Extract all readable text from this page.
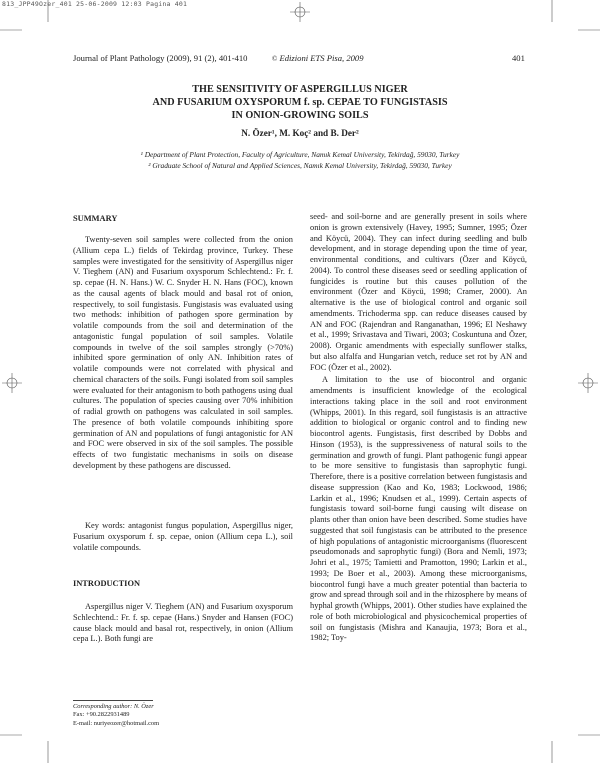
813_JPP49Ozer_401 25-06-2009 12:03 Pagina 401
Journal of Plant Pathology (2009), 91 (2), 401-410	© Edizioni ETS Pisa, 2009	401
THE SENSITIVITY OF ASPERGILLUS NIGER
AND FUSARIUM OXYSPORUM f. sp. CEPAE TO FUNGISTASIS
IN ONION-GROWING SOILS
N. Özer¹, M. Koç² and B. Der²
¹ Department of Plant Protection, Faculty of Agriculture, Namık Kemal University, Tekirdağ, 59030, Turkey
² Graduate School of Natural and Applied Sciences, Namık Kemal University, Tekirdağ, 59030, Turkey
SUMMARY

Twenty-seven soil samples were collected from the onion (Allium cepa L.) fields of Tekirdag province, Turkey. These samples were investigated for the sensitivity of Aspergillus niger V. Tieghem (AN) and Fusarium oxysporum Schlechtend.: Fr. f. sp. cepae (H. N. Hans.) W. C. Snyder H. N. Hans (FOC), known as the causal agents of black mould and basal rot of onion, respectively, to soil fungistasis. Fungistasis was evaluated using two methods: inhibition of pathogen spore germination by volatile compounds from the soil and determination of the antagonistic fungal population of soil samples. Volatile compounds in twelve of the soil samples strongly (>70%) inhibited spore germination of only AN. Inhibition rates of volatile compounds were not correlated with physical and chemical characters of the soils. Fungi isolated from soil samples were evaluated for their antagonism to both pathogens using dual cultures. The population of species causing over 70% inhibition of radial growth on pathogens was calculated in soil samples. The presence of both volatile compounds inhibiting spore germination of AN and populations of fungi antagonistic for AN and FOC were observed in six of the soil samples. The possible effects of two fungistatic mechanisms in soils on disease development by these pathogens are discussed.

Key words: antagonist fungus population, Aspergillus niger, Fusarium oxysporum f. sp. cepae, onion (Allium cepa L.), soil volatile compounds.

INTRODUCTION

Aspergillus niger V. Tieghem (AN) and Fusarium oxysporum Schlechtend.: Fr. f. sp. cepae (Hans.) Snyder and Hansen (FOC) cause black mould and basal rot, respectively, in onion (Allium cepa L.). Both fungi are

Corresponding author: N. Özer
Fax: +90.2822931489
E-mail: nuriyeozer@hotmail.com

seed- and soil-borne and are generally present in soils where onion is grown extensively (Havey, 1995; Sumner, 1995; Özer and Köycü, 2004). They can infect during seedling and bulb development, and in storage depending upon the time of year, environmental conditions, and cultivars (Özer and Köycü, 2004). To control these diseases seed or seedling application of fungicides is routine but this causes pollution of the environment (Özer and Köycü, 1998; Cramer, 2000). An alternative is the use of biological control and organic soil amendments. Trichoderma spp. can reduce diseases caused by AN and FOC (Rajendran and Ranganathan, 1996; El Neshawy et al., 1999; Srivastava and Tiwari, 2003; Coskuntuna and Özer, 2008). Organic amendments with especially sunflower stalks, but also alfalfa and Hungarian vetch, reduce set rot by AN and FOC (Özer et al., 2002).

A limitation to the use of biocontrol and organic amendments is insufficient knowledge of the ecological interactions taking place in the soil and root environment (Whipps, 2001). In this regard, soil fungistasis is an attractive addition to biological or organic control and to finding new biocontrol agents. Fungistasis, first described by Dobbs and Hinson (1953), is the suppressiveness of natural soils to the germination and growth of fungi. Plant pathogenic fungi appear to be more sensitive to fungistasis than saprophytic fungi. Therefore, there is a positive correlation between fungistasis and disease suppression (Kao and Ko, 1983; Lockwood, 1986; Larkin et al., 1996; Knudsen et al., 1999). Certain aspects of fungistasis toward soil-borne fungi causing wilt disease on plants other than onion have been described. Some studies have suggested that soil fungistasis can be attributed to the presence of high populations of antagonistic microorganisms (fluorescent pseudomonads and saprophytic fungi) (Bora and Nemli, 1973; Johri et al., 1975; Tamietti and Pramotton, 1990; Larkin et al., 1993; De Boer et al., 2003). Among these microorganisms, biocontrol fungi have a much greater potential than bacteria to grow and spread through soil and in the rhizosphere by means of hyphal growth (Whipps, 2001). Other studies have explained the role of both microbiological and physicochemical properties of soil on fungistasis (Mishra and Kanaujia, 1973; Bora et al., 1982; Toy-
